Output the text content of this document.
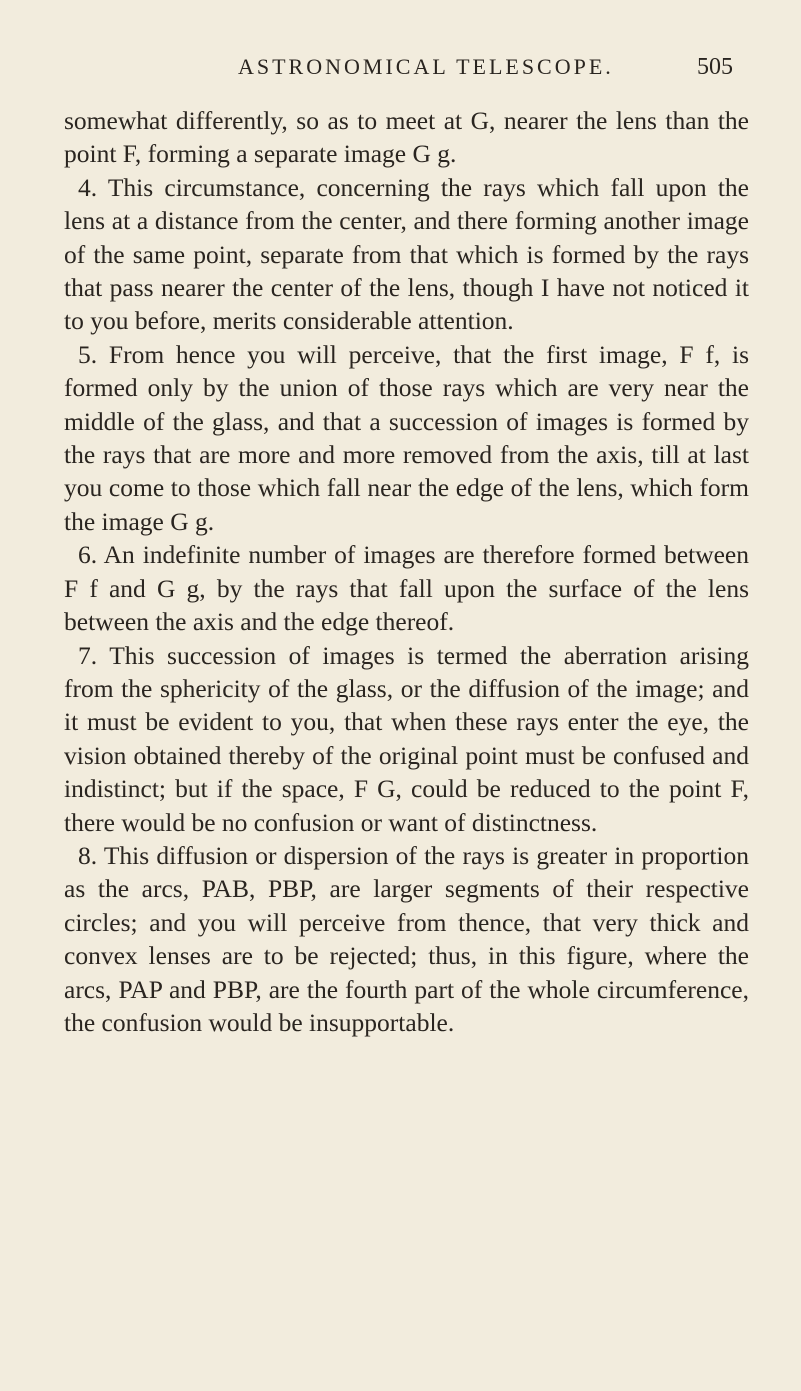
ASTRONOMICAL TELESCOPE.	505

somewhat differently, so as to meet at G, nearer the lens than the point F, forming a separate image G g.

4. This circumstance, concerning the rays which fall upon the lens at a distance from the center, and there forming another image of the same point, separate from that which is formed by the rays that pass nearer the center of the lens, though I have not noticed it to you before, merits considerable attention.

5. From hence you will perceive, that the first image, F f, is formed only by the union of those rays which are very near the middle of the glass, and that a succession of images is formed by the rays that are more and more removed from the axis, till at last you come to those which fall near the edge of the lens, which form the image G g.

6. An indefinite number of images are therefore formed between F f and G g, by the rays that fall upon the surface of the lens between the axis and the edge thereof.

7. This succession of images is termed the aberration arising from the sphericity of the glass, or the diffusion of the image; and it must be evident to you, that when these rays enter the eye, the vision obtained thereby of the original point must be confused and indistinct; but if the space, F G, could be reduced to the point F, there would be no confusion or want of distinctness.

8. This diffusion or dispersion of the rays is greater in proportion as the arcs, PAB, PBP, are larger segments of their respective circles; and you will perceive from thence, that very thick and convex lenses are to be rejected; thus, in this figure, where the arcs, PAP and PBP, are the fourth part of the whole circumference, the confusion would be insupportable.
